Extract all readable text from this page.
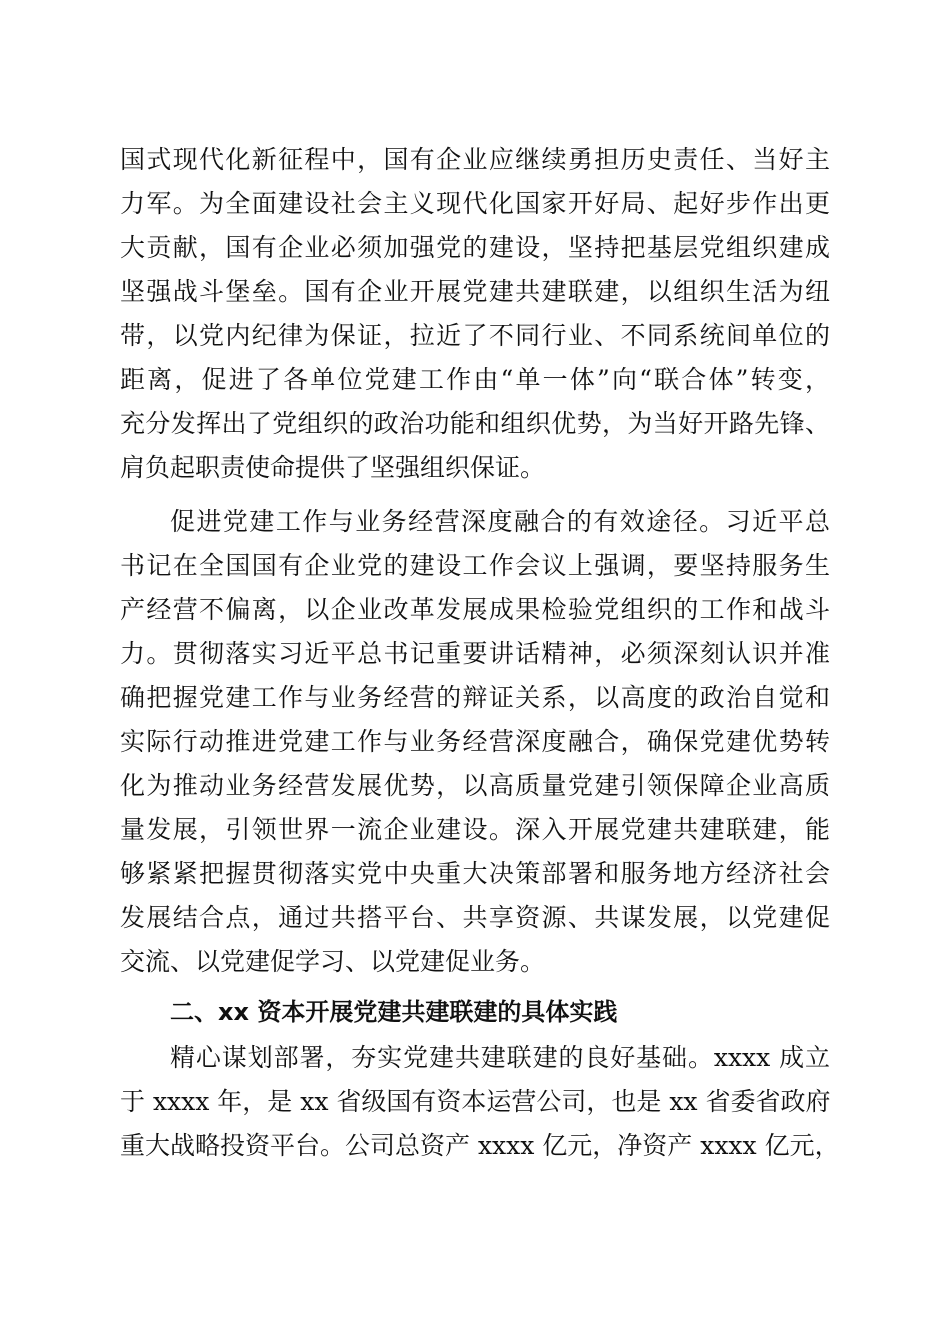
国式现代化新征程中，国有企业应继续勇担历史责任、当好主
力军。为全面建设社会主义现代化国家开好局、起好步作出更
大贡献，国有企业必须加强党的建设，坚持把基层党组织建成
坚强战斗堡垒。国有企业开展党建共建联建，以组织生活为纽
带，以党内纪律为保证，拉近了不同行业、不同系统间单位的
距离，促进了各单位党建工作由“单一体”向“联合体”转变，
充分发挥出了党组织的政治功能和组织优势，为当好开路先锋、
肩负起职责使命提供了坚强组织保证。
促进党建工作与业务经营深度融合的有效途径。习近平总
书记在全国国有企业党的建设工作会议上强调，要坚持服务生
产经营不偏离，以企业改革发展成果检验党组织的工作和战斗
力。贯彻落实习近平总书记重要讲话精神，必须深刻认识并准
确把握党建工作与业务经营的辩证关系，以高度的政治自觉和
实际行动推进党建工作与业务经营深度融合，确保党建优势转
化为推动业务经营发展优势，以高质量党建引领保障企业高质
量发展，引领世界一流企业建设。深入开展党建共建联建，能
够紧紧把握贯彻落实党中央重大决策部署和服务地方经济社会
发展结合点，通过共搭平台、共享资源、共谋发展，以党建促
交流、以党建促学习、以党建促业务。
二、xx 资本开展党建共建联建的具体实践
精心谋划部署，夯实党建共建联建的良好基础。xxxx 成立
于 xxxx 年，是 xx 省级国有资本运营公司，也是 xx 省委省政府
重大战略投资平台。公司总资产 xxxx 亿元，净资产 xxxx 亿元，
